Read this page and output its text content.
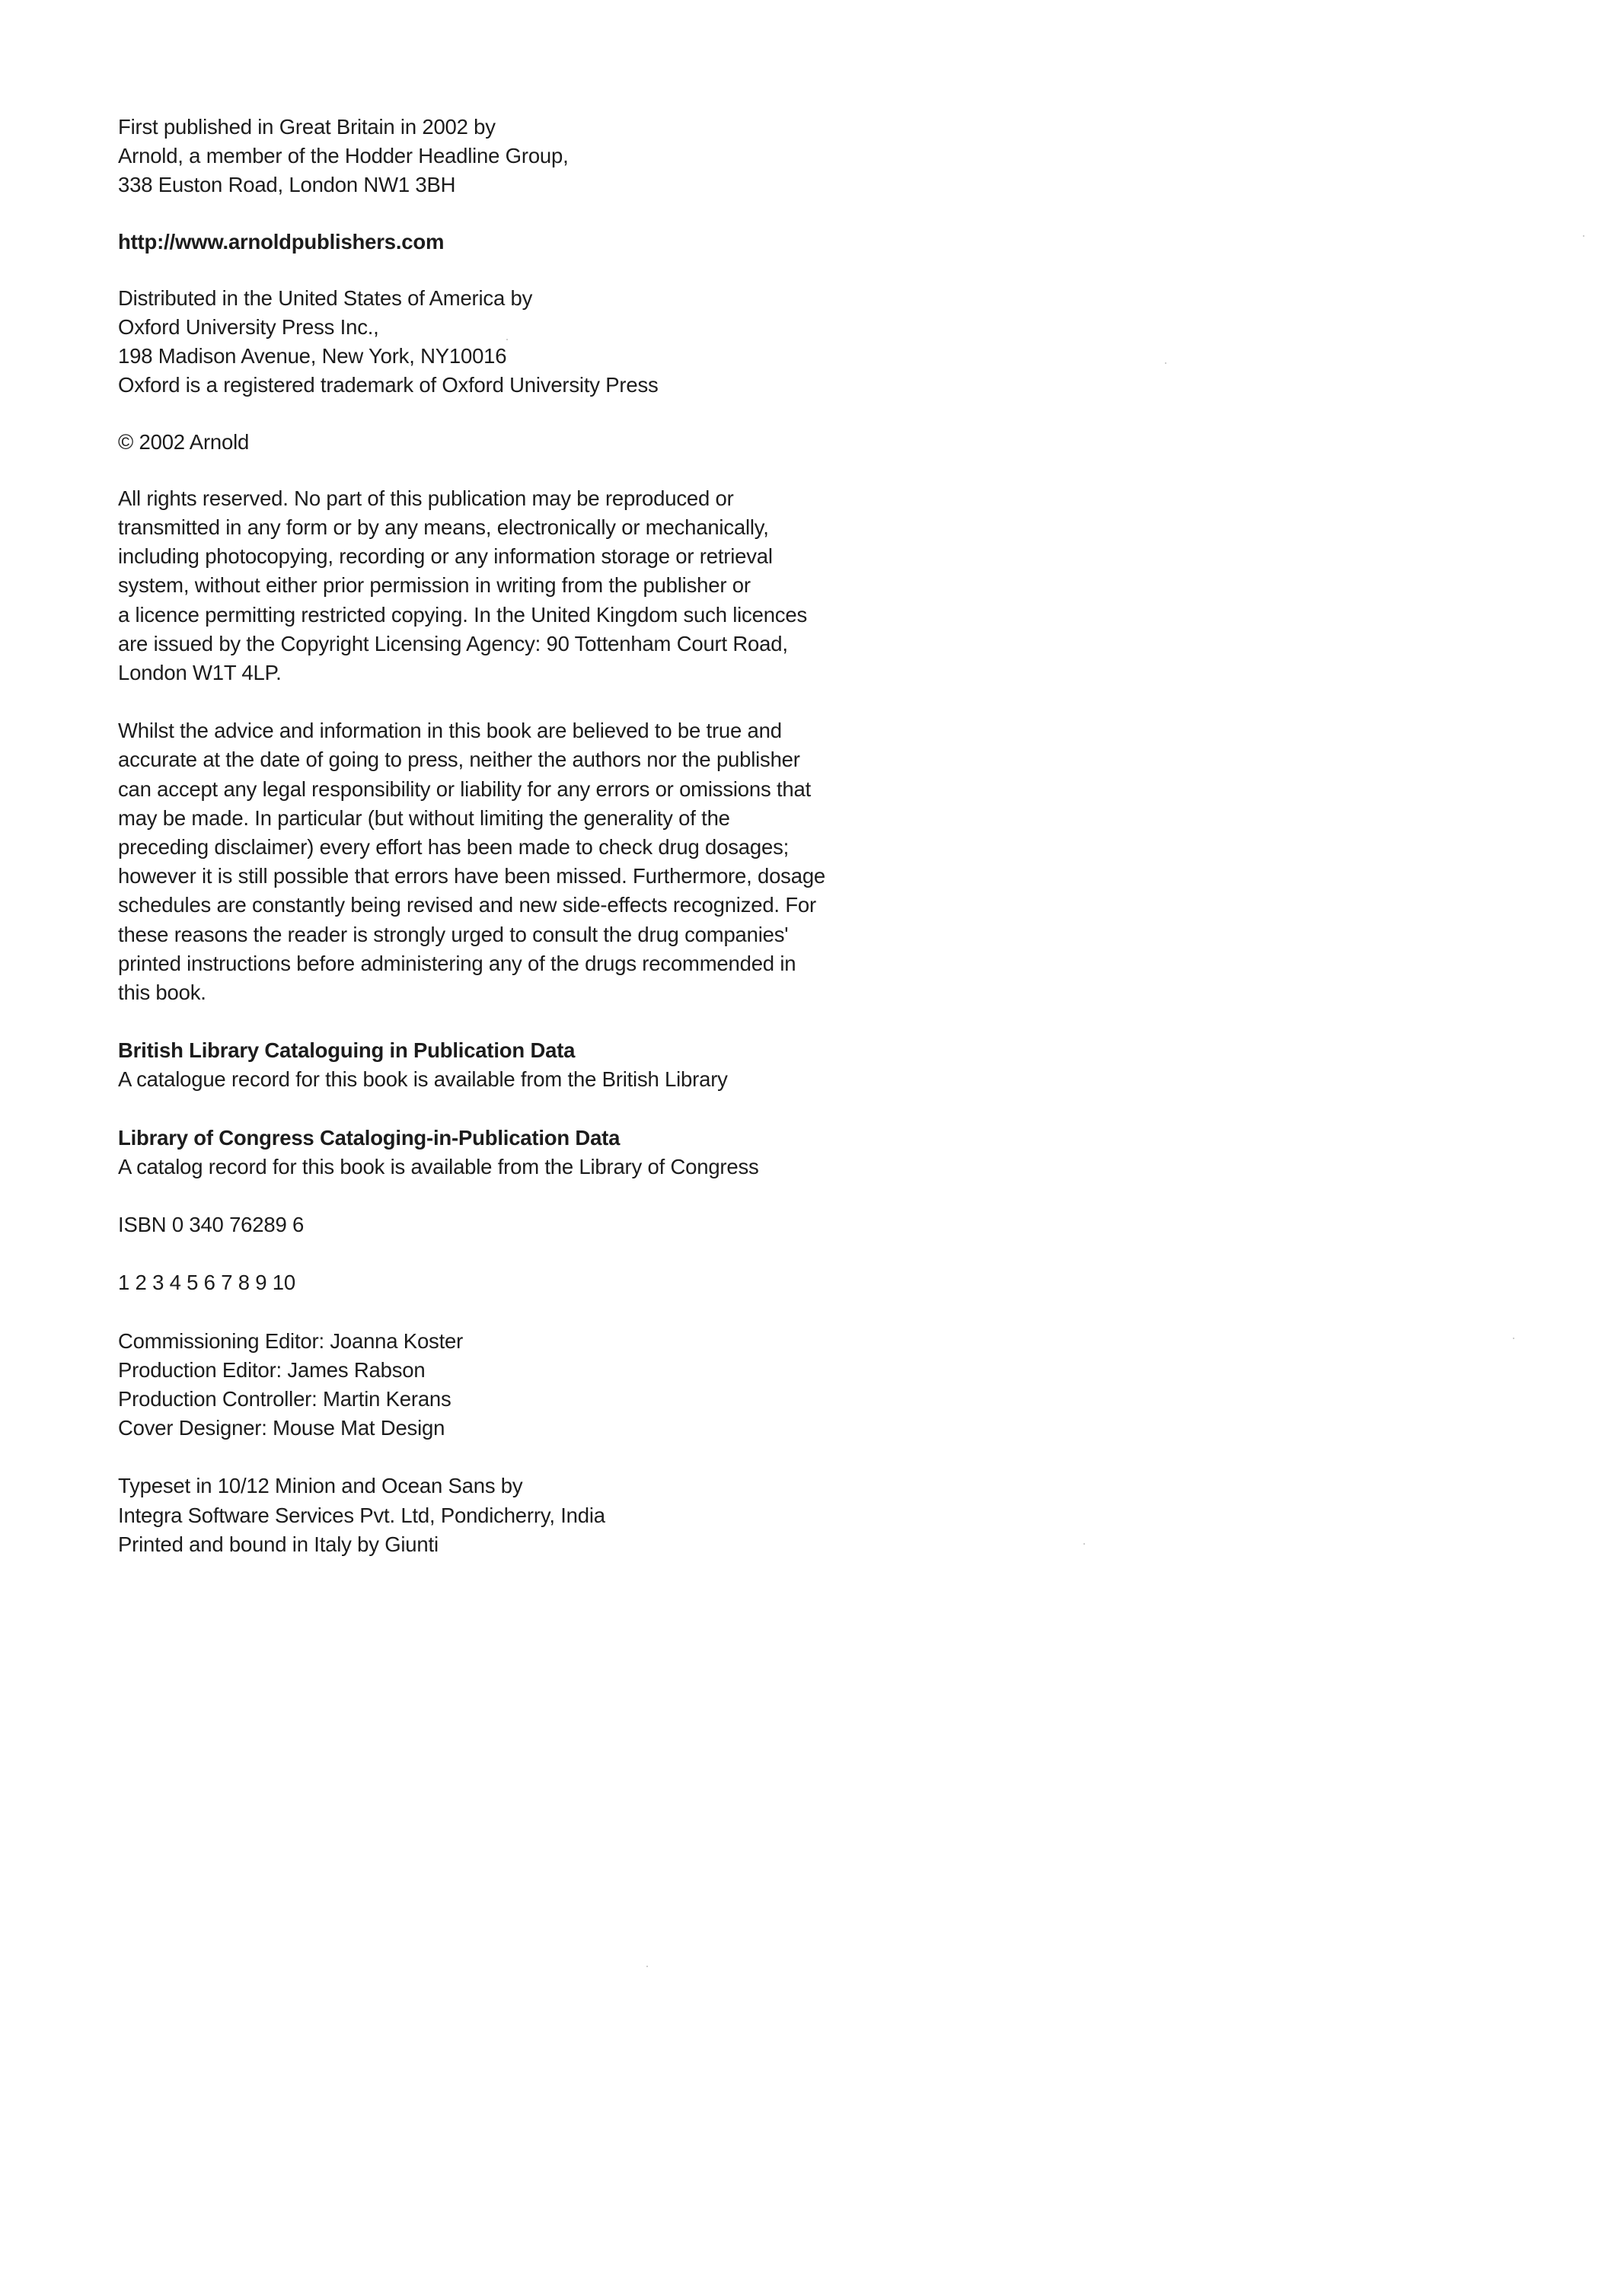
First published in Great Britain in 2002 by
Arnold, a member of the Hodder Headline Group,
338 Euston Road, London NW1 3BH
http://www.arnoldpublishers.com
Distributed in the United States of America by
Oxford University Press Inc.,
198 Madison Avenue, New York, NY10016
Oxford is a registered trademark of Oxford University Press
© 2002 Arnold
All rights reserved. No part of this publication may be reproduced or
transmitted in any form or by any means, electronically or mechanically,
including photocopying, recording or any information storage or retrieval
system, without either prior permission in writing from the publisher or
a licence permitting restricted copying. In the United Kingdom such licences
are issued by the Copyright Licensing Agency: 90 Tottenham Court Road,
London W1T 4LP.
Whilst the advice and information in this book are believed to be true and
accurate at the date of going to press, neither the authors nor the publisher
can accept any legal responsibility or liability for any errors or omissions that
may be made. In particular (but without limiting the generality of the
preceding disclaimer) every effort has been made to check drug dosages;
however it is still possible that errors have been missed. Furthermore, dosage
schedules are constantly being revised and new side-effects recognized. For
these reasons the reader is strongly urged to consult the drug companies'
printed instructions before administering any of the drugs recommended in
this book.
British Library Cataloguing in Publication Data
A catalogue record for this book is available from the British Library
Library of Congress Cataloging-in-Publication Data
A catalog record for this book is available from the Library of Congress
ISBN 0 340 76289 6
1 2 3 4 5 6 7 8 9 10
Commissioning Editor: Joanna Koster
Production Editor: James Rabson
Production Controller: Martin Kerans
Cover Designer: Mouse Mat Design
Typeset in 10/12 Minion and Ocean Sans by
Integra Software Services Pvt. Ltd, Pondicherry, India
Printed and bound in Italy by Giunti
